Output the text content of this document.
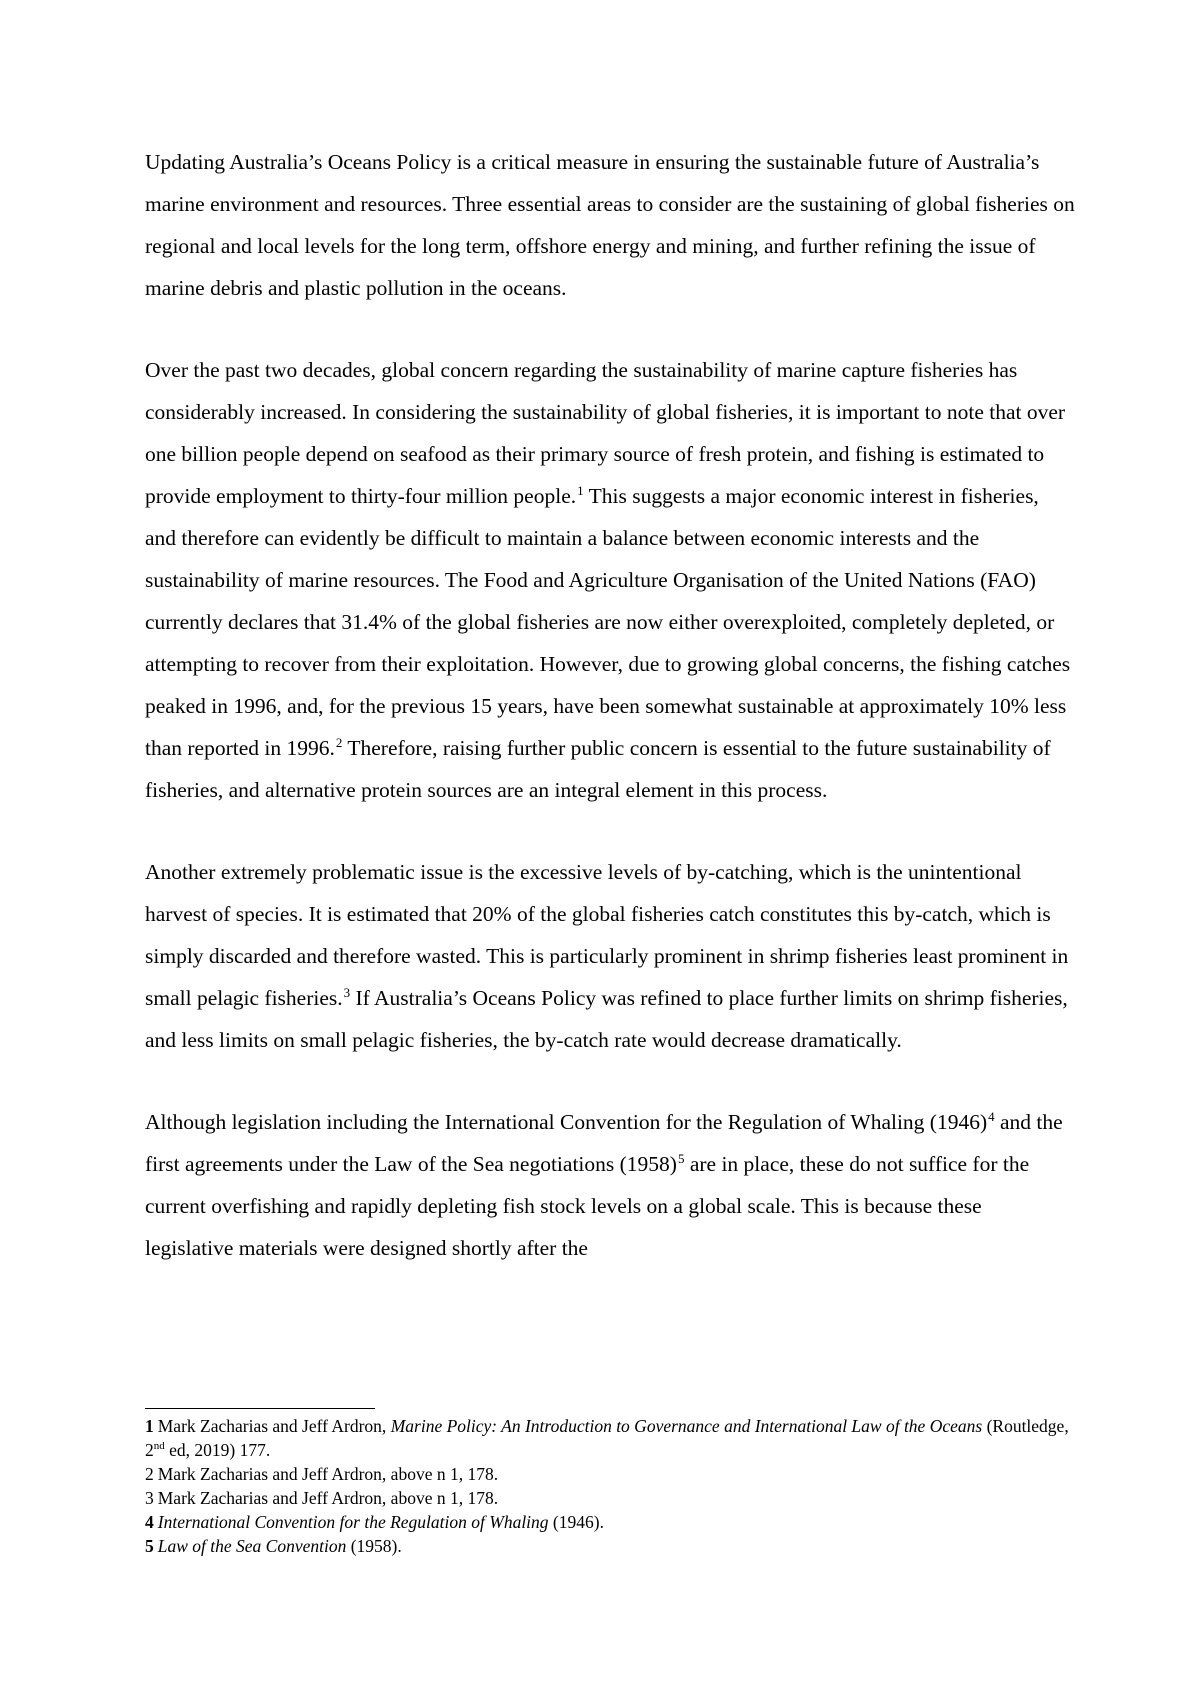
Updating Australia’s Oceans Policy is a critical measure in ensuring the sustainable future of Australia’s marine environment and resources. Three essential areas to consider are the sustaining of global fisheries on regional and local levels for the long term, offshore energy and mining, and further refining the issue of marine debris and plastic pollution in the oceans.

Over the past two decades, global concern regarding the sustainability of marine capture fisheries has considerably increased. In considering the sustainability of global fisheries, it is important to note that over one billion people depend on seafood as their primary source of fresh protein, and fishing is estimated to provide employment to thirty-four million people.$^1$ This suggests a major economic interest in fisheries, and therefore can evidently be difficult to maintain a balance between economic interests and the sustainability of marine resources. The Food and Agriculture Organisation of the United Nations (FAO) currently declares that 31.4% of the global fisheries are now either overexploited, completely depleted, or attempting to recover from their exploitation. However, due to growing global concerns, the fishing catches peaked in 1996, and, for the previous 15 years, have been somewhat sustainable at approximately 10% less than reported in 1996.$^2$ Therefore, raising further public concern is essential to the future sustainability of fisheries, and alternative protein sources are an integral element in this process.

Another extremely problematic issue is the excessive levels of by-catching, which is the unintentional harvest of species. It is estimated that 20% of the global fisheries catch constitutes this by-catch, which is simply discarded and therefore wasted. This is particularly prominent in shrimp fisheries least prominent in small pelagic fisheries.$^3$ If Australia’s Oceans Policy was refined to place further limits on shrimp fisheries, and less limits on small pelagic fisheries, the by-catch rate would decrease dramatically.

Although legislation including the International Convention for the Regulation of Whaling (1946)$^4$ and the first agreements under the Law of the Sea negotiations (1958)$^5$ are in place, these do not suffice for the current overfishing and rapidly depleting fish stock levels on a global scale. This is because these legislative materials were designed shortly after the

1 Mark Zacharias and Jeff Ardron, Marine Policy: An Introduction to Governance and International Law of the Oceans (Routledge, 2nd ed, 2019) 177.
2 Mark Zacharias and Jeff Ardron, above n 1, 178.
3 Mark Zacharias and Jeff Ardron, above n 1, 178.
4 International Convention for the Regulation of Whaling (1946).
5 Law of the Sea Convention (1958).
